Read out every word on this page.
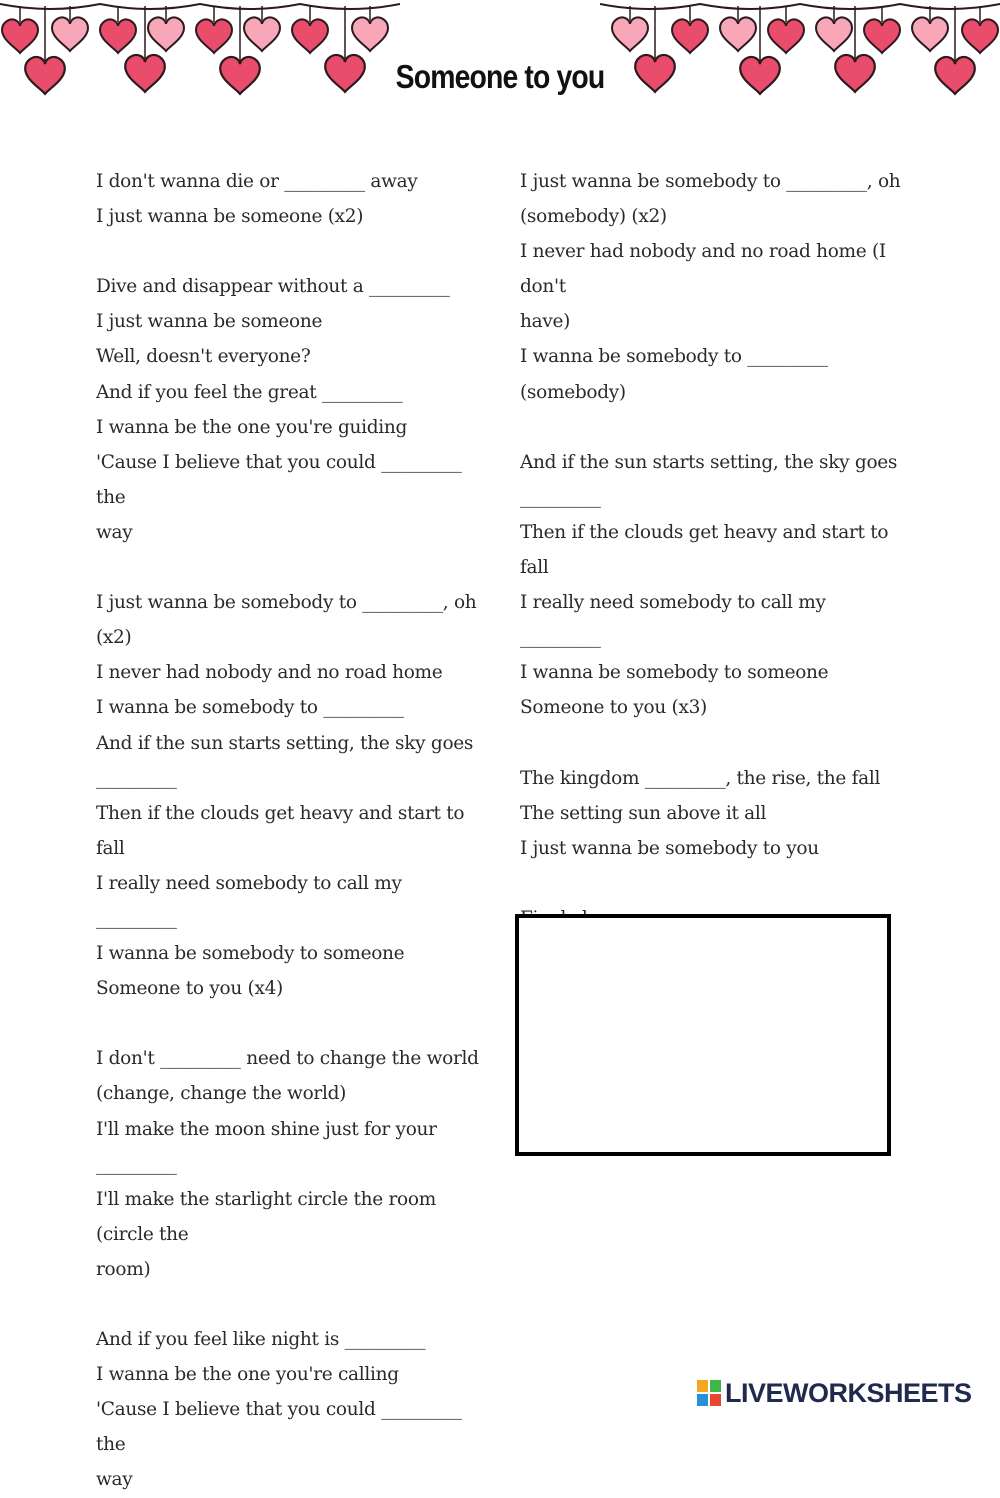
Someone to you
I don't wanna die or _________ away
I just wanna be someone (x2)
Dive and disappear without a _________
I just wanna be someone
Well, doesn't everyone?
And if you feel the great _________
I wanna be the one you're guiding
'Cause I believe that you could _________ the
way
I just wanna be somebody to _________, oh
(x2)
I never had nobody and no road home
I wanna be somebody to _________
And if the sun starts setting, the sky goes
_________
Then if the clouds get heavy and start to fall
I really need somebody to call my _________
I wanna be somebody to someone
Someone to you (x4)
I don't _________ need to change the world
(change, change the world)
I'll make the moon shine just for your
_________
I'll make the starlight circle the room (circle the
room)
And if you feel like night is _________
I wanna be the one you're calling
'Cause I believe that you could _________ the
way
I just wanna be somebody to _________, oh
(somebody) (x2)
I never had nobody and no road home (I don't
have)
I wanna be somebody to _________
(somebody)
And if the sun starts setting, the sky goes
_________
Then if the clouds get heavy and start to fall
I really need somebody to call my _________
I wanna be somebody to someone
Someone to you (x3)
The kingdom _________, the rise, the fall
The setting sun above it all
I just wanna be somebody to you
LIVEWORKSHEETS
